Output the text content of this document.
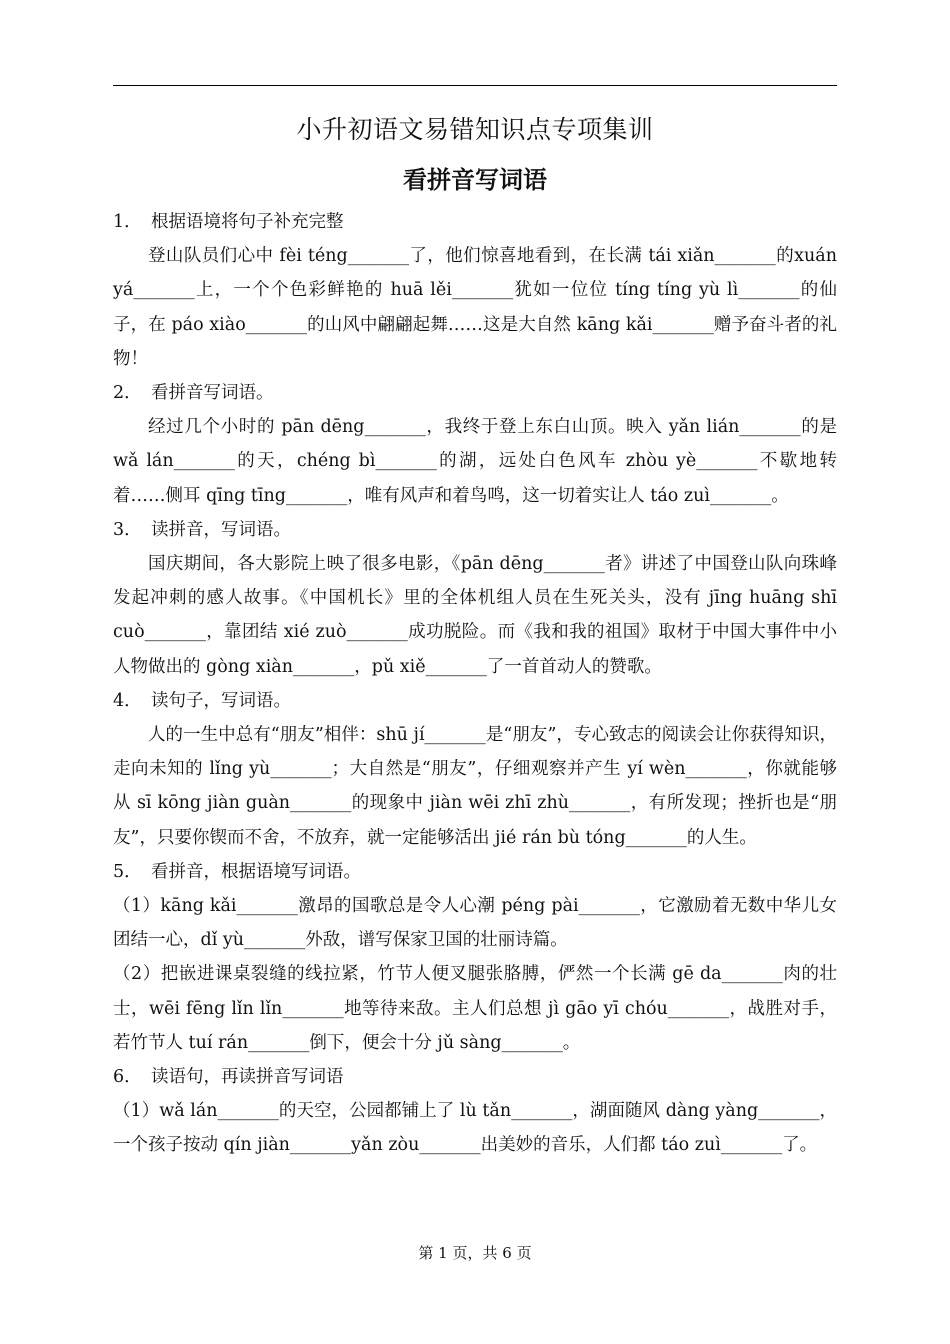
小升初语文易错知识点专项集训
看拼音写词语

1． 根据语境将句子补充完整

登山队员们心中 fèi téng_______了，他们惊喜地看到，在长满 tái xiǎn_______的xuán yá_______上，一个个色彩鲜艳的 huā lěi_______犹如一位位 tíng tíng yù lì_______的仙子，在 páo xiào_______的山风中翩翩起舞……这是大自然 kāng kǎi_______赠予奋斗者的礼物！

2． 看拼音写词语。

经过几个小时的 pān dēng_______，我终于登上东白山顶。映入 yǎn lián_______的是 wǎ lán_______的天，chéng bì_______的湖，远处白色风车 zhòu yè_______不歇地转着……侧耳 qīng tīng_______，唯有风声和着鸟鸣，这一切着实让人 táo zuì_______。

3． 读拼音，写词语。

国庆期间，各大影院上映了很多电影，《pān dēng_______者》讲述了中国登山队向珠峰发起冲刺的感人故事。《中国机长》里的全体机组人员在生死关头，没有 jīng huāng shī cuò_______，靠团结 xié zuò_______成功脱险。而《我和我的祖国》取材于中国大事件中小人物做出的 gòng xiàn_______，pǔ xiě_______了一首首动人的赞歌。

4． 读句子，写词语。

人的一生中总有“朋友”相伴：shū jí_______是“朋友”，专心致志的阅读会让你获得知识，走向未知的 lǐng yù_______；大自然是“朋友”，仔细观察并产生 yí wèn_______，你就能够从 sī kōng jiàn guàn_______的现象中 jiàn wēi zhī zhù_______，有所发现；挫折也是“朋友”，只要你锲而不舍，不放弃，就一定能够活出 jié rán bù tóng_______的人生。

5． 看拼音，根据语境写词语。

（1）kāng kǎi_______激昂的国歌总是令人心潮 péng pài_______，它激励着无数中华儿女团结一心，dǐ yù_______外敌，谱写保家卫国的壮丽诗篇。

（2）把嵌进课桌裂缝的线拉紧，竹节人便叉腿张胳膊，俨然一个长满 gē da_______肉的壮士，wēi fēng lǐn lǐn_______地等待来敌。主人们总想 jì gāo yī chóu_______，战胜对手，若竹节人 tuí rán_______倒下，便会十分 jǔ sàng_______。

6． 读语句，再读拼音写词语

（1）wǎ lán_______的天空，公园都铺上了 lù tǎn_______，湖面随风 dàng yàng_______，一个孩子按动 qín jiàn_______yǎn zòu_______出美妙的音乐，人们都 táo zuì_______了。

第 1 页，共 6 页
